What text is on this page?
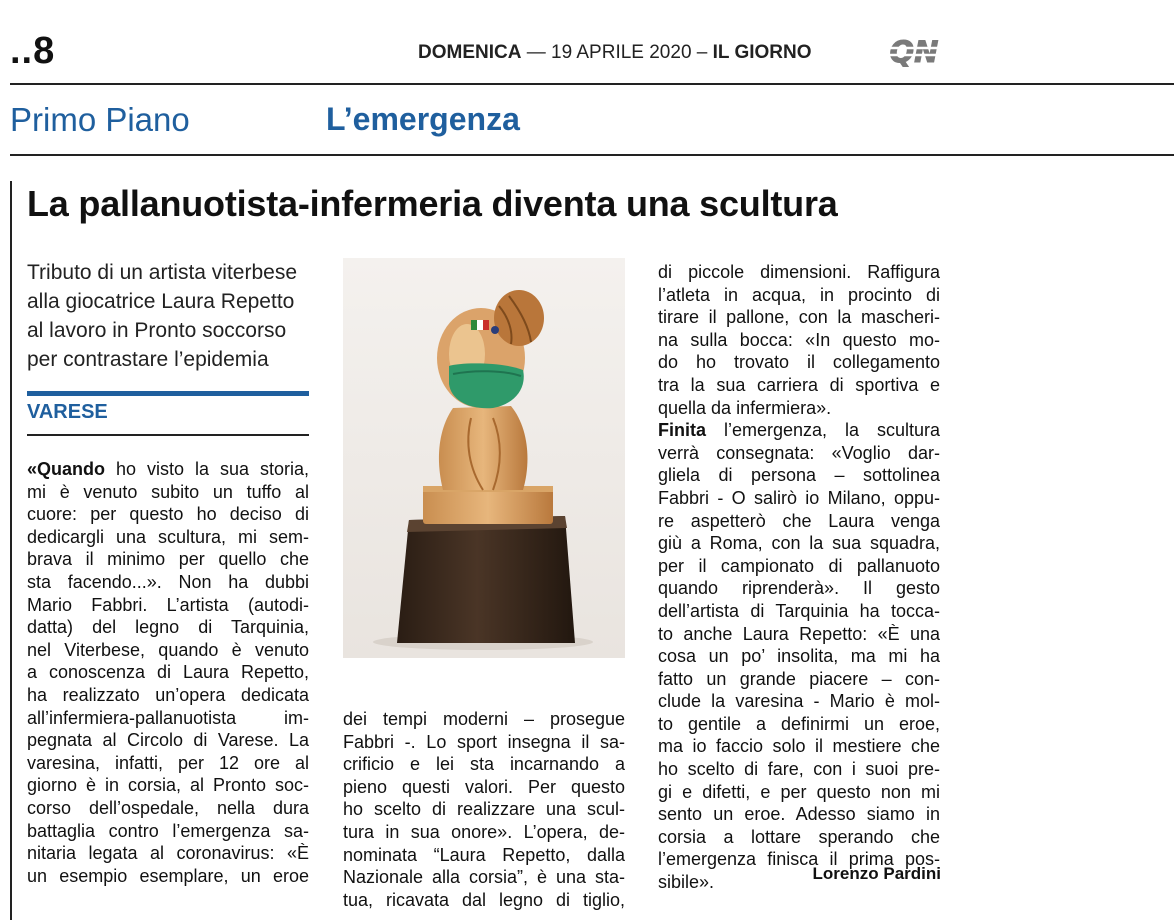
..8	DOMENICA — 19 APRILE 2020 – IL GIORNO	QN
Primo Piano	L’emergenza
La pallanuotista-infermeria diventa una scultura
Tributo di un artista viterbese
alla giocatrice Laura Repetto
al lavoro in Pronto soccorso
per contrastare l’epidemia
VARESE
«Quando ho visto la sua storia,
mi è venuto subito un tuffo al
cuore: per questo ho deciso di
dedicargli una scultura, mi sem-
brava il minimo per quello che
sta facendo...». Non ha dubbi
Mario Fabbri. L’artista (autodi-
datta) del legno di Tarquinia,
nel Viterbese, quando è venuto
a conoscenza di Laura Repetto,
ha realizzato un’opera dedicata
all’infermiera-pallanuotista im-
pegnata al Circolo di Varese. La
varesina, infatti, per 12 ore al
giorno è in corsia, al Pronto soc-
corso dell’ospedale, nella dura
battaglia contro l’emergenza sa-
nitaria legata al coronavirus: «È
un esempio esemplare, un eroe
dei tempi moderni – prosegue
Fabbri -. Lo sport insegna il sa-
crificio e lei sta incarnando a
pieno questi valori. Per questo
ho scelto di realizzare una scul-
tura in sua onore». L’opera, de-
nominata “Laura Repetto, dalla
Nazionale alla corsia”, è una sta-
tua, ricavata dal legno di tiglio,
di piccole dimensioni. Raffigura
l’atleta in acqua, in procinto di
tirare il pallone, con la mascheri-
na sulla bocca: «In questo mo-
do ho trovato il collegamento
tra la sua carriera di sportiva e
quella da infermiera».
Finita l’emergenza, la scultura
verrà consegnata: «Voglio dar-
gliela di persona – sottolinea
Fabbri - O salirò io Milano, oppu-
re aspetterò che Laura venga
giù a Roma, con la sua squadra,
per il campionato di pallanuoto
quando riprenderà». Il gesto
dell’artista di Tarquinia ha tocca-
to anche Laura Repetto: «È una
cosa un po’ insolita, ma mi ha
fatto un grande piacere – con-
clude la varesina - Mario è mol-
to gentile a definirmi un eroe,
ma io faccio solo il mestiere che
ho scelto di fare, con i suoi pre-
gi e difetti, e per questo non mi
sento un eroe. Adesso siamo in
corsia a lottare sperando che
l’emergenza finisca il prima pos-
sibile».	Lorenzo Pardini
